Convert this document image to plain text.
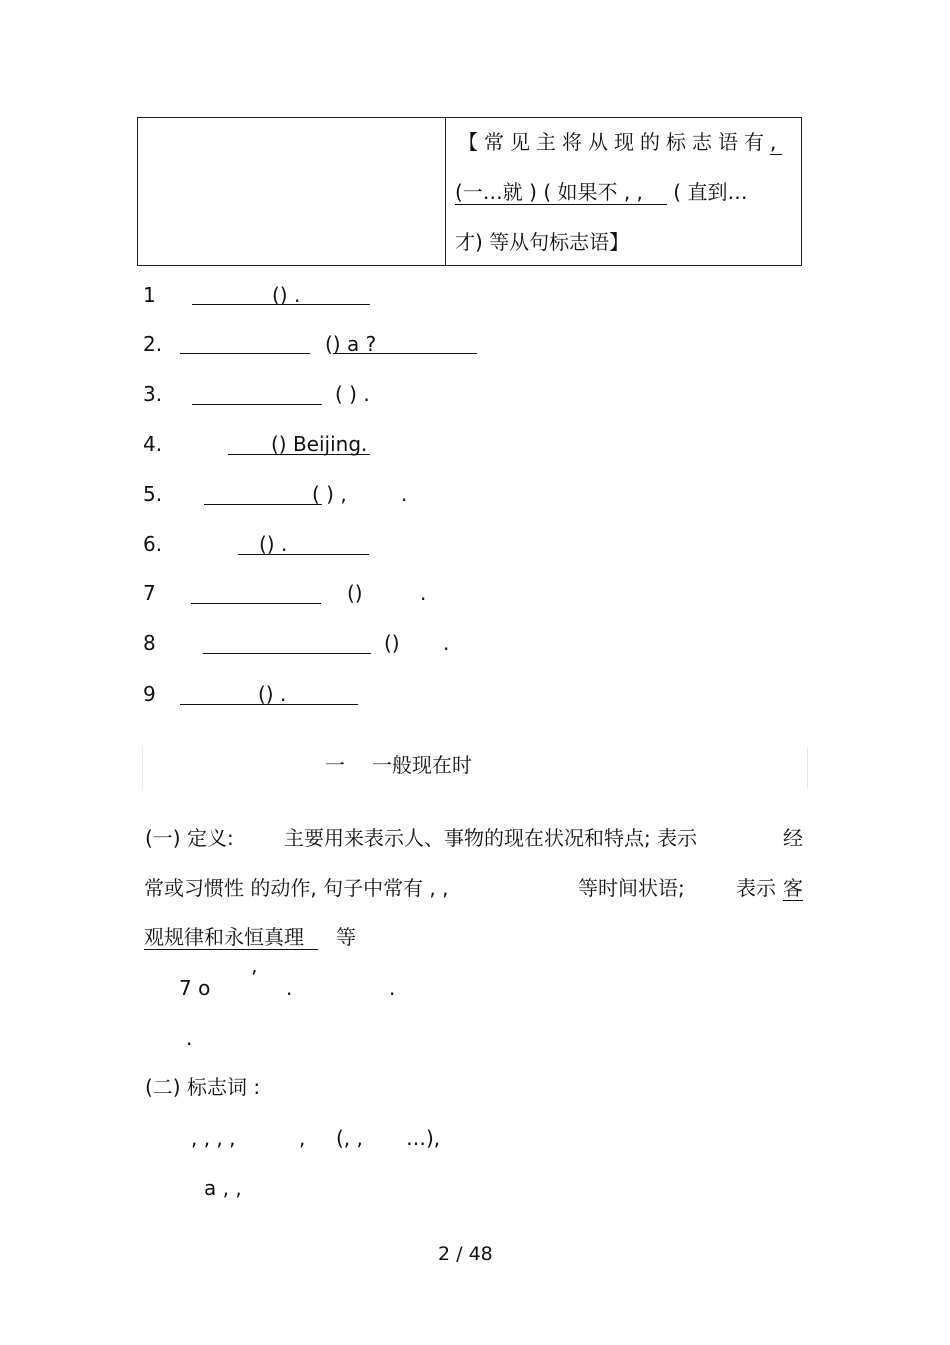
【常见主将从现的标志语有,
(一…就 ) ( 如果不 , , ( 直到…
才) 等从句标志语】
1	() .
2.	() a ?
3.	( ) .
4.	() Beijing.
5.	( ) ,	.
6.	() .
7	()	.
8	() .
9	() .
一 一般现在时
(一) 定义:	主要用来表示人、事物的现在状况和特点; 表示	经
常或习惯性 的动作, 句子中常有 , ,	等时间状语;	表示 客
观规律和永恒真理	等
7 o ’ .	.
.
(二) 标志词 :
, , , ,	, (, , …),
a , ,
2 / 48
